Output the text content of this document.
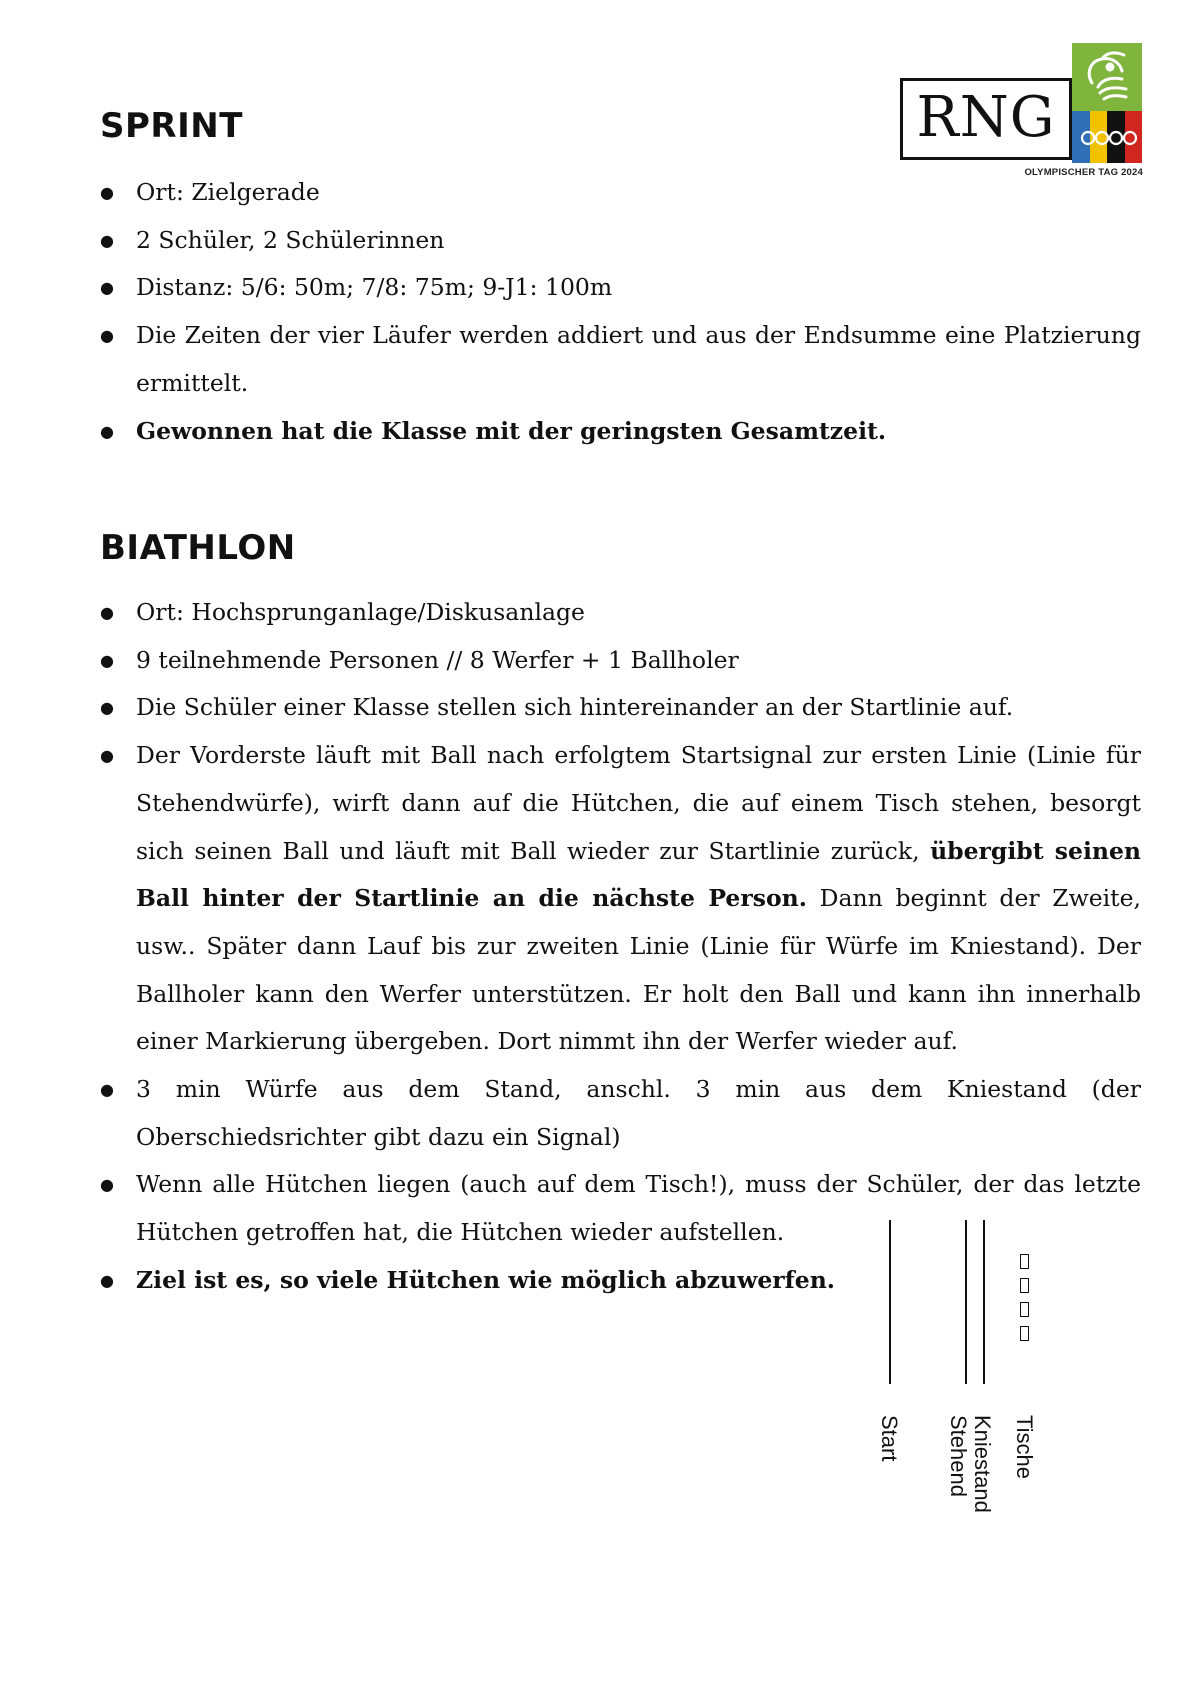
RNG
OLYMPISCHER TAG 2024
SPRINT
● Ort: Zielgerade
● 2 Schüler, 2 Schülerinnen
● Distanz: 5/6: 50m; 7/8: 75m; 9-J1: 100m
● Die Zeiten der vier Läufer werden addiert und aus der Endsumme eine Platzierung ermittelt.
● Gewonnen hat die Klasse mit der geringsten Gesamtzeit.
BIATHLON
● Ort: Hochsprunganlage/Diskusanlage
● 9 teilnehmende Personen // 8 Werfer + 1 Ballholer
● Die Schüler einer Klasse stellen sich hintereinander an der Startlinie auf.
● Der Vorderste läuft mit Ball nach erfolgtem Startsignal zur ersten Linie (Linie für Stehendwürfe), wirft dann auf die Hütchen, die auf einem Tisch stehen, besorgt sich seinen Ball und läuft mit Ball wieder zur Startlinie zurück, übergibt seinen Ball hinter der Startlinie an die nächste Person. Dann beginnt der Zweite, usw.. Später dann Lauf bis zur zweiten Linie (Linie für Würfe im Kniestand). Der Ballholer kann den Werfer unterstützen. Er holt den Ball und kann ihn innerhalb einer Markierung übergeben. Dort nimmt ihn der Werfer wieder auf.
● 3 min Würfe aus dem Stand, anschl. 3 min aus dem Kniestand (der Oberschiedsrichter gibt dazu ein Signal)
● Wenn alle Hütchen liegen (auch auf dem Tisch!), muss der Schüler, der das letzte Hütchen getroffen hat, die Hütchen wieder aufstellen.
● Ziel ist es, so viele Hütchen wie möglich abzuwerfen.
Start	Kniestand
Stehend Tische
